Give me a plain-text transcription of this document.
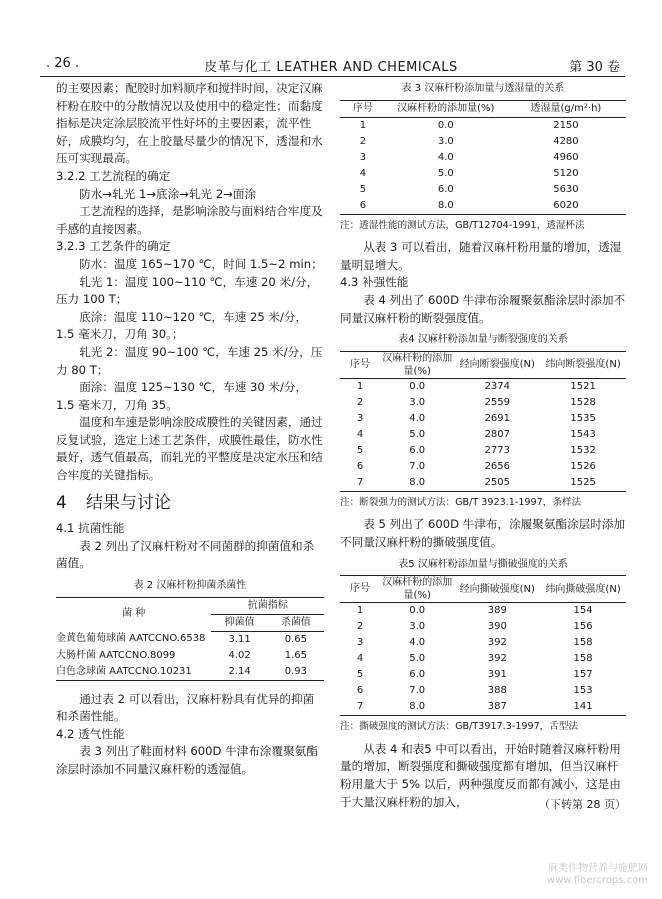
. 26 .	皮革与化工 LEATHER AND CHEMICALS	第 30 卷

的主要因素；配胶时加料顺序和搅拌时间，决定汉麻杆粉在胶中的分散情况以及使用中的稳定性；而黏度指标是决定涂层胶流平性好坏的主要因素，流平性好，成膜均匀，在上胶量尽量少的情况下，透湿和水压可实现最高。

3.2.2 工艺流程的确定

防水→轧光 1→底涂→轧光 2→面涂

工艺流程的选择，是影响涂胶与面料结合牢度及手感的直接因素。

3.2.3 工艺条件的确定

防水：温度 165~170 ℃，时间 1.5~2 min；

轧光 1：温度 100~110 ℃，车速 20 米/分，压力 100 T；

底涂：温度 110~120 ℃，车速 25 米/分，1.5 毫米刀，刀角 30。；

轧光 2：温度 90~100 ℃，车速 25 米/分，压力 80 T；

面涂：温度 125~130 ℃，车速 30 米/分，1.5 毫米刀，刀角 35。

温度和车速是影响涂胶成膜性的关键因素，通过反复试验，选定上述工艺条件，成膜性最佳，防水性最好，透气值最高，而轧光的平整度是决定水压和结合牢度的关键指标。

4 结果与讨论

4.1 抗菌性能

表 2 列出了汉麻杆粉对不同菌群的抑菌值和杀菌值。

表 2 汉麻杆粉抑菌杀菌性
菌 种	抗菌指标	
	抑菌值	杀菌值
金黄色葡萄球菌 AATCCNO.6538	3.11	0.65
大肠杆菌 AATCCNO.8099	4.02	1.65
白色念球菌 AATCCNO.10231	2.14	0.93

通过表 2 可以看出，汉麻杆粉具有优异的抑菌和杀菌性能。

4.2 透气性能

表 3 列出了鞋面材料 600D 牛津布涂覆聚氨酯涂层时添加不同量汉麻杆粉的透湿值。

表 3 汉麻杆粉添加量与透湿量的关系
序号	汉麻杆粉的添加量(%)	透湿量(g/m²·h)
1	0.0	2150
2	3.0	4280
3	4.0	4960
4	5.0	5120
5	6.0	5630
6	8.0	6020
注：透湿性能的测试方法，GB/T12704-1991，透湿杯法

从表 3 可以看出，随着汉麻杆粉用量的增加，透湿量明显增大。

4.3 补强性能

表 4 列出了 600D 牛津布涂履聚氨酯涂层时添加不同量汉麻杆粉的断裂强度值。

表4 汉麻杆粉添加量与断裂强度的关系
序号	汉麻杆粉的添加量(%)	经向断裂强度(N)	纬向断裂强度(N)
1	0.0	2374	1521
2	3.0	2559	1528
3	4.0	2691	1535
4	5.0	2807	1543
5	6.0	2773	1532
6	7.0	2656	1526
7	8.0	2505	1525
注：断裂强力的测试方法：GB/T 3923.1-1997，条样法

表 5 列出了 600D 牛津布，涂履聚氨酯涂层时添加不同量汉麻杆粉的撕破强度值。

表5 汉麻杆粉添加量与撕破强度的关系
序号	汉麻杆粉的添加量(%)	经向撕破强度(N)	纬向撕破强度(N)
1	0.0	389	154
2	3.0	390	156
3	4.0	392	158
4	5.0	392	158
5	6.0	391	157
6	7.0	388	153
7	8.0	387	141
注：撕破强度的测试方法：GB/T3917.3-1997，舌型法

从表 4 和表5 中可以看出，开始时随着汉麻杆粉用量的增加，断裂强度和撕破强度都有增加，但当汉麻杆粉用量大于 5% 以后，两种强度反而都有减小，这是由于大量汉麻杆粉的加入，	（下转第 28 页）
麻类作物营养与施肥网
www.fibercrops.com
